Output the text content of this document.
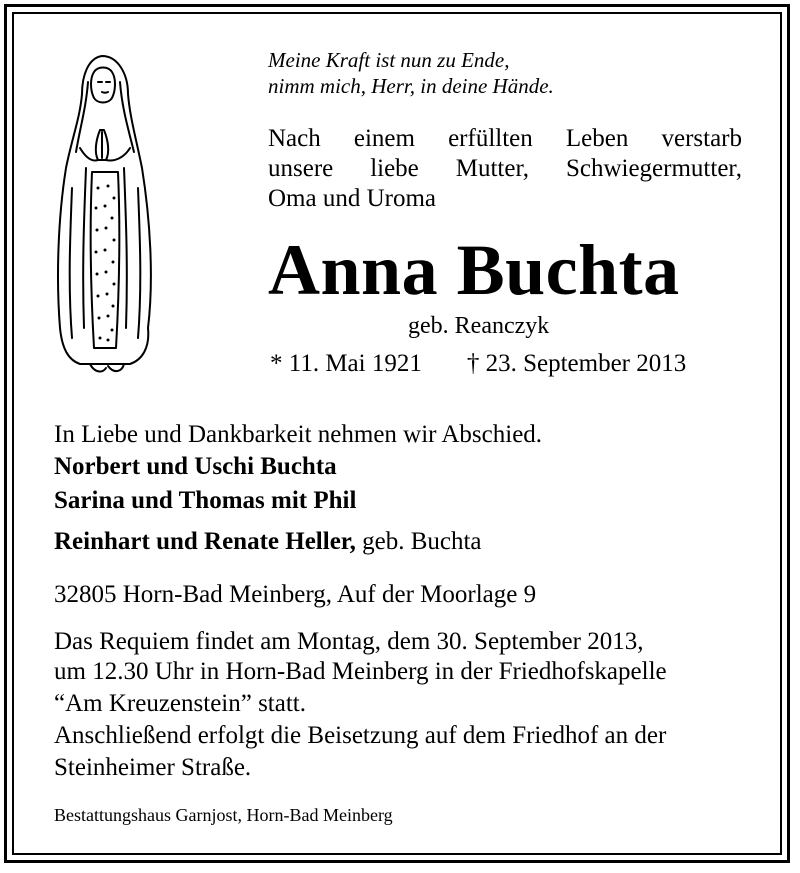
Meine Kraft ist nun zu Ende,
nimm mich, Herr, in deine Hände.
Nach einem erfüllten Leben verstarb
unsere liebe Mutter, Schwiegermutter,
Oma und Uroma
Anna Buchta
geb. Reanczyk
* 11. Mai 1921 † 23. September 2013
In Liebe und Dankbarkeit nehmen wir Abschied.
Norbert und Uschi Buchta
Sarina und Thomas mit Phil
Reinhart und Renate Heller, geb. Buchta
32805 Horn-Bad Meinberg, Auf der Moorlage 9
Das Requiem findet am Montag, dem 30. September 2013,
um 12.30 Uhr in Horn-Bad Meinberg in der Friedhofskapelle
“Am Kreuzenstein” statt.
Anschließend erfolgt die Beisetzung auf dem Friedhof an der
Steinheimer Straße.
Bestattungshaus Garnjost, Horn-Bad Meinberg
